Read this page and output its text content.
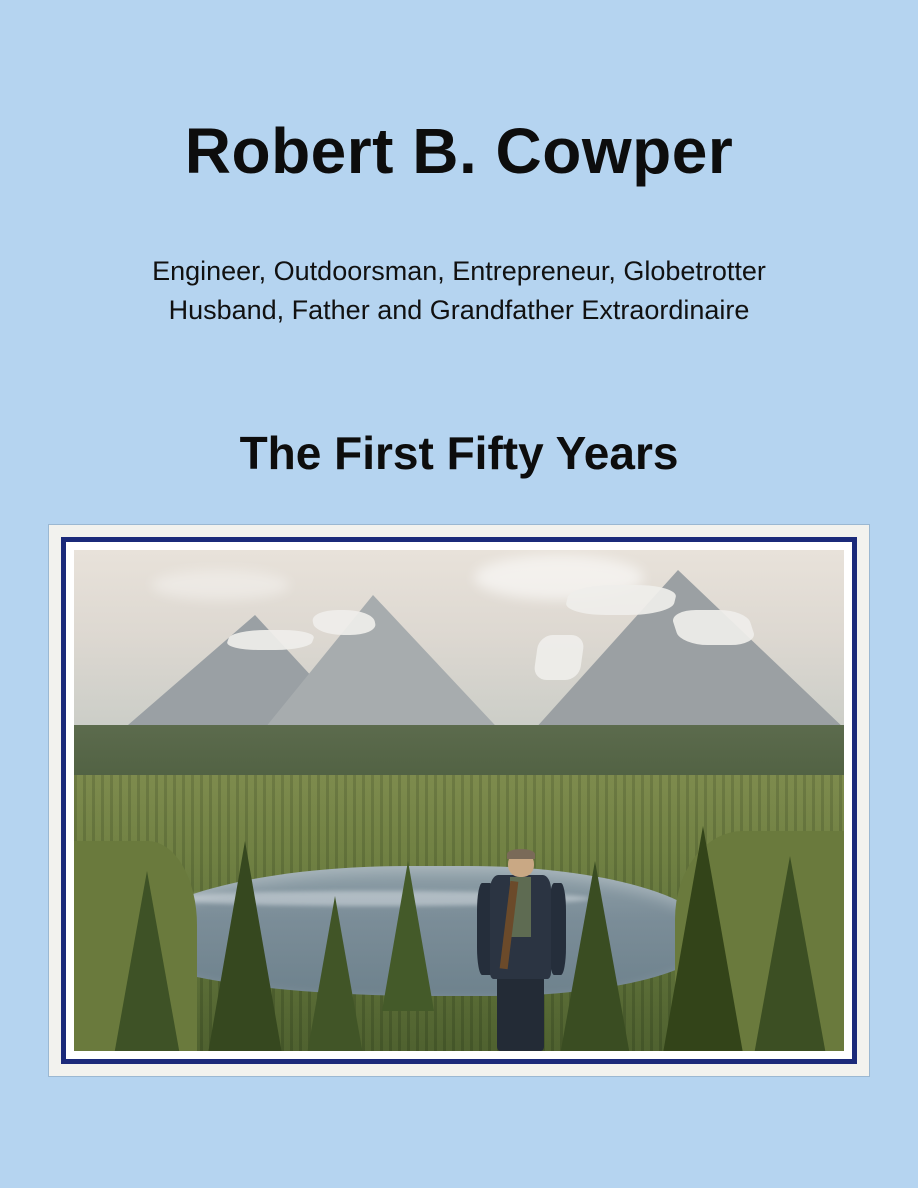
Robert B. Cowper
Engineer, Outdoorsman, Entrepreneur, Globetrotter
Husband, Father and Grandfather Extraordinaire
The First Fifty Years
